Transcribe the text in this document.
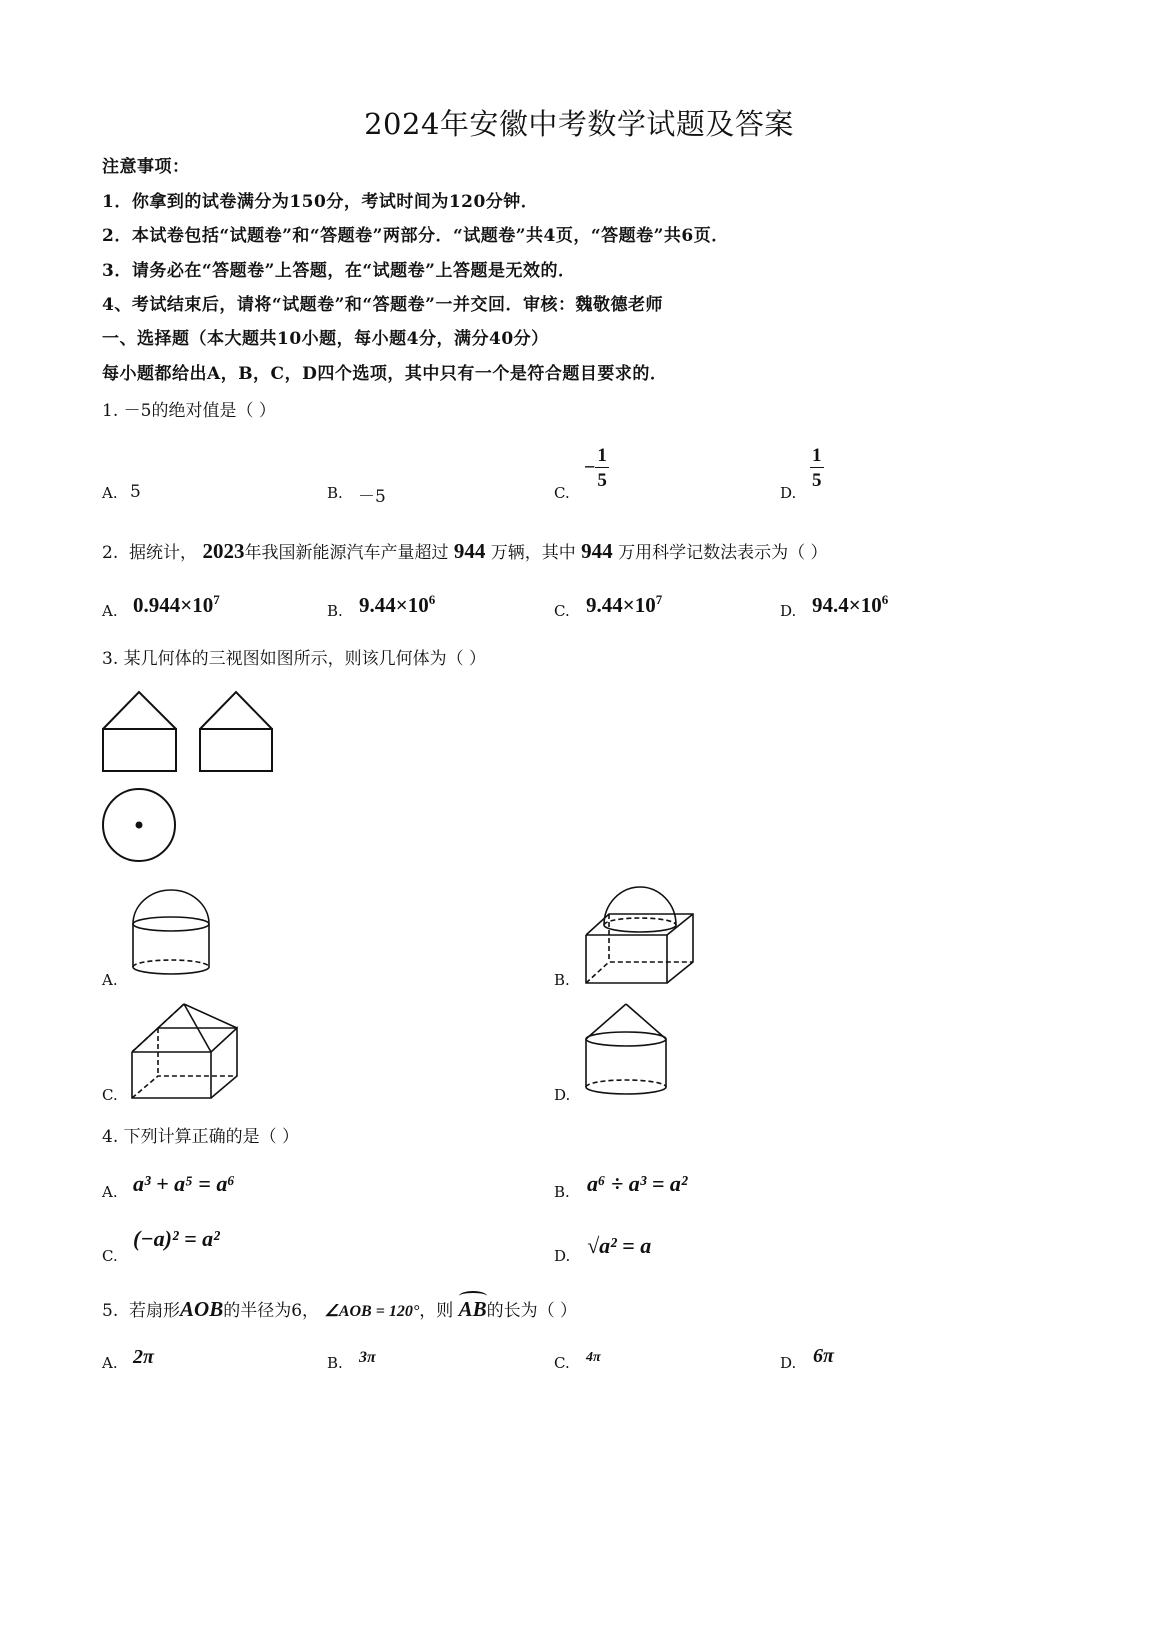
2024年安徽中考数学试题及答案
注意事项：
1．你拿到的试卷满分为150分，考试时间为120分钟．
2．本试卷包括“试题卷”和“答题卷”两部分．“试题卷”共4页，“答题卷”共6页．
3．请务必在“答题卷”上答题，在“试题卷”上答题是无效的．
4、考试结束后，请将“试题卷”和“答题卷”一并交回．审核：魏敬德老师
一、选择题（本大题共10小题，每小题4分，满分40分）
每小题都给出A，B，C，D四个选项，其中只有一个是符合题目要求的．
1. －5的绝对值是（ ）
A. 5	B. －5	C.
− $\frac{1}{5}$
D.
$\frac{1}{5}$
2. 据统计， 2023年我国新能源汽车产量超过 944 万辆，其中 944 万用科学记数法表示为（ ）
A. $0.944\times 10^7$
B. $9.44\times 10^6$
C. $9.44\times 10^7$
D. $94.4\times 10^6$
3. 某几何体的三视图如图所示，则该几何体为（ ）
A.	B.
C.	D.
4. 下列计算正确的是（ ）
A. a³ + a⁵ = a⁶	B. a⁶ ÷ a³ = a²
C.
(−a)² = a²
D. √a² = a
5. 若扇形AOB的半径为6， ∠AOB = 120°，则 AB
的长为（ ）
A. 2π	B. 3π	C. 4π	D. 6π
